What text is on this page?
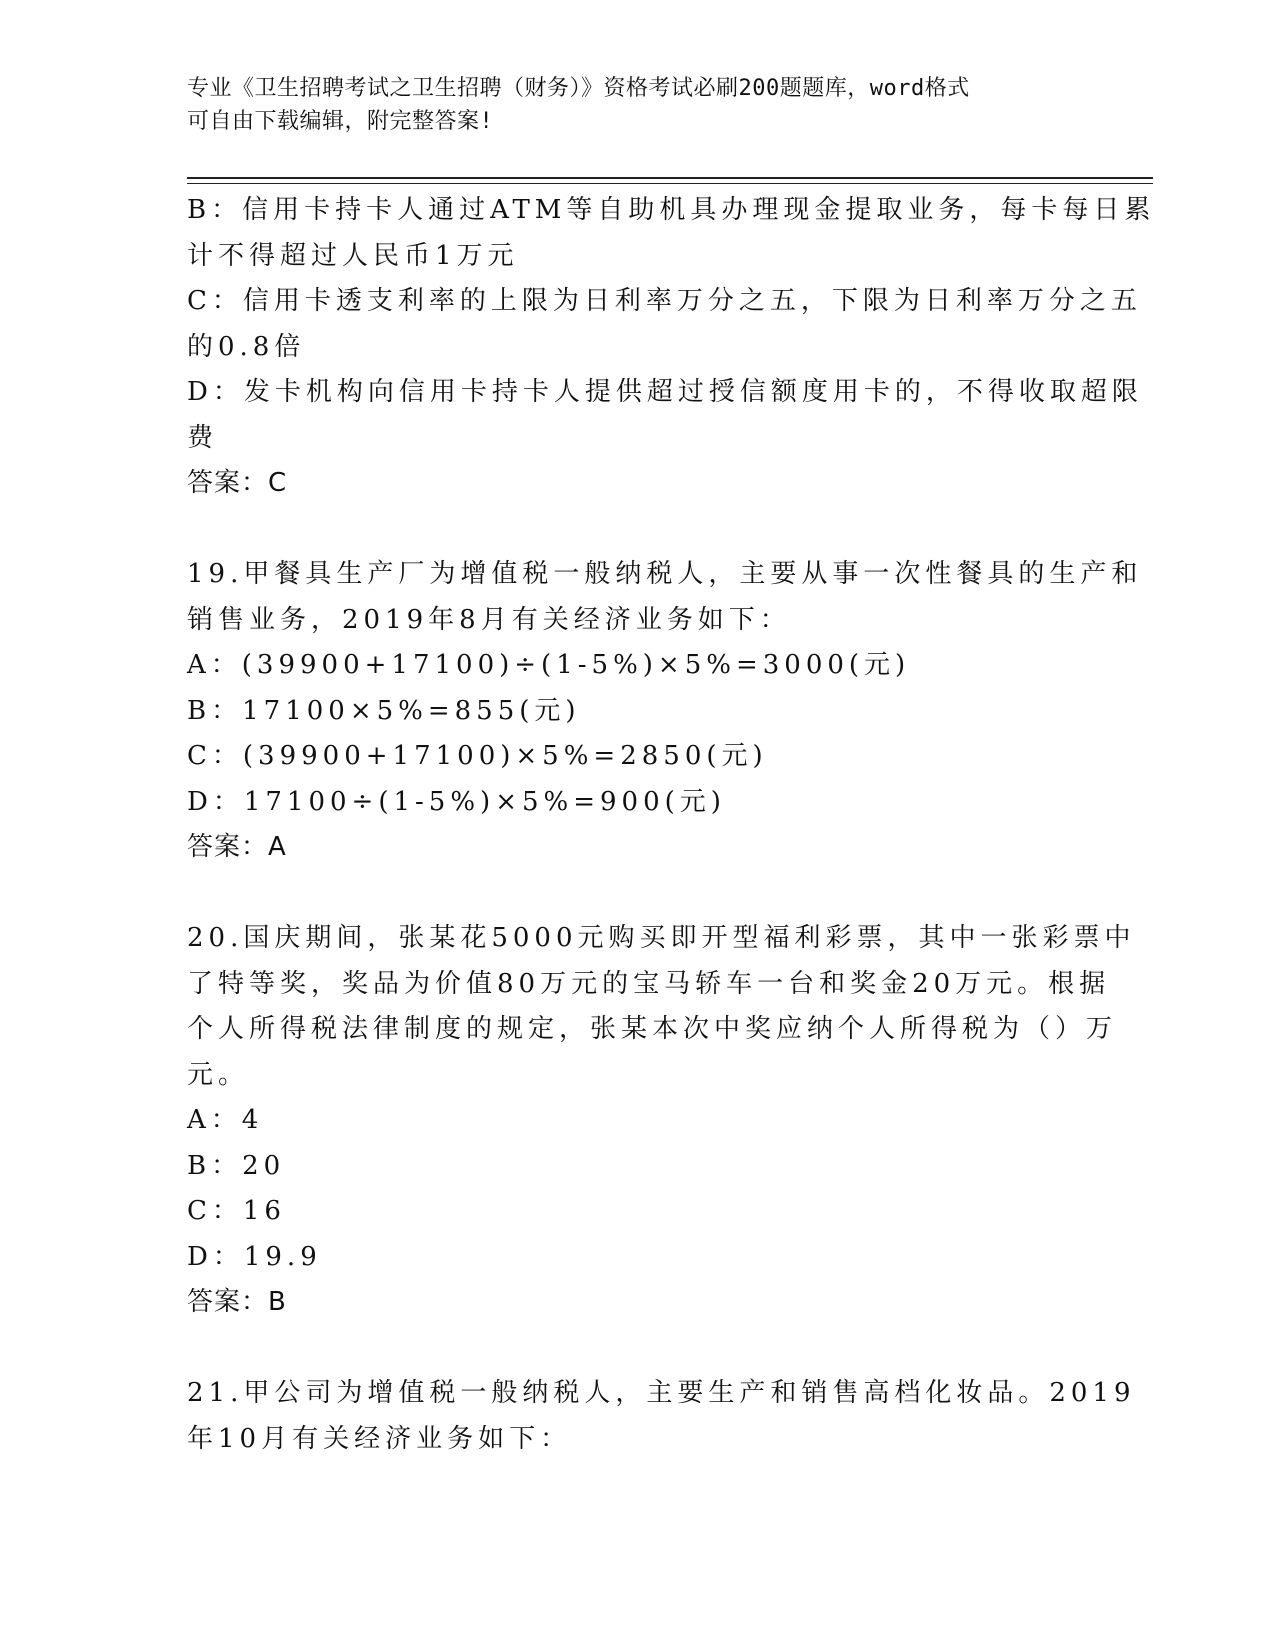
专业《卫生招聘考试之卫生招聘（财务）》资格考试必刷200题题库，word格式
可自由下载编辑，附完整答案!
B：信用卡持卡人通过ATM等自助机具办理现金提取业务，每卡每日累
计不得超过人民币1万元
C：信用卡透支利率的上限为日利率万分之五，下限为日利率万分之五
的0.8倍
D：发卡机构向信用卡持卡人提供超过授信额度用卡的，不得收取超限
费
答案：C
19.甲餐具生产厂为增值税一般纳税人，主要从事一次性餐具的生产和
销售业务，2019年8月有关经济业务如下：
A：(39900+17100)÷(1-5%)×5%=3000(元)
B：17100×5%=855(元)
C：(39900+17100)×5%=2850(元)
D：17100÷(1-5%)×5%=900(元)
答案：A
20.国庆期间，张某花5000元购买即开型福利彩票，其中一张彩票中
了特等奖，奖品为价值80万元的宝马轿车一台和奖金20万元。根据
个人所得税法律制度的规定，张某本次中奖应纳个人所得税为（）万
元。
A：4
B：20
C：16
D：19.9
答案：B
21.甲公司为增值税一般纳税人，主要生产和销售高档化妆品。2019
年10月有关经济业务如下：
